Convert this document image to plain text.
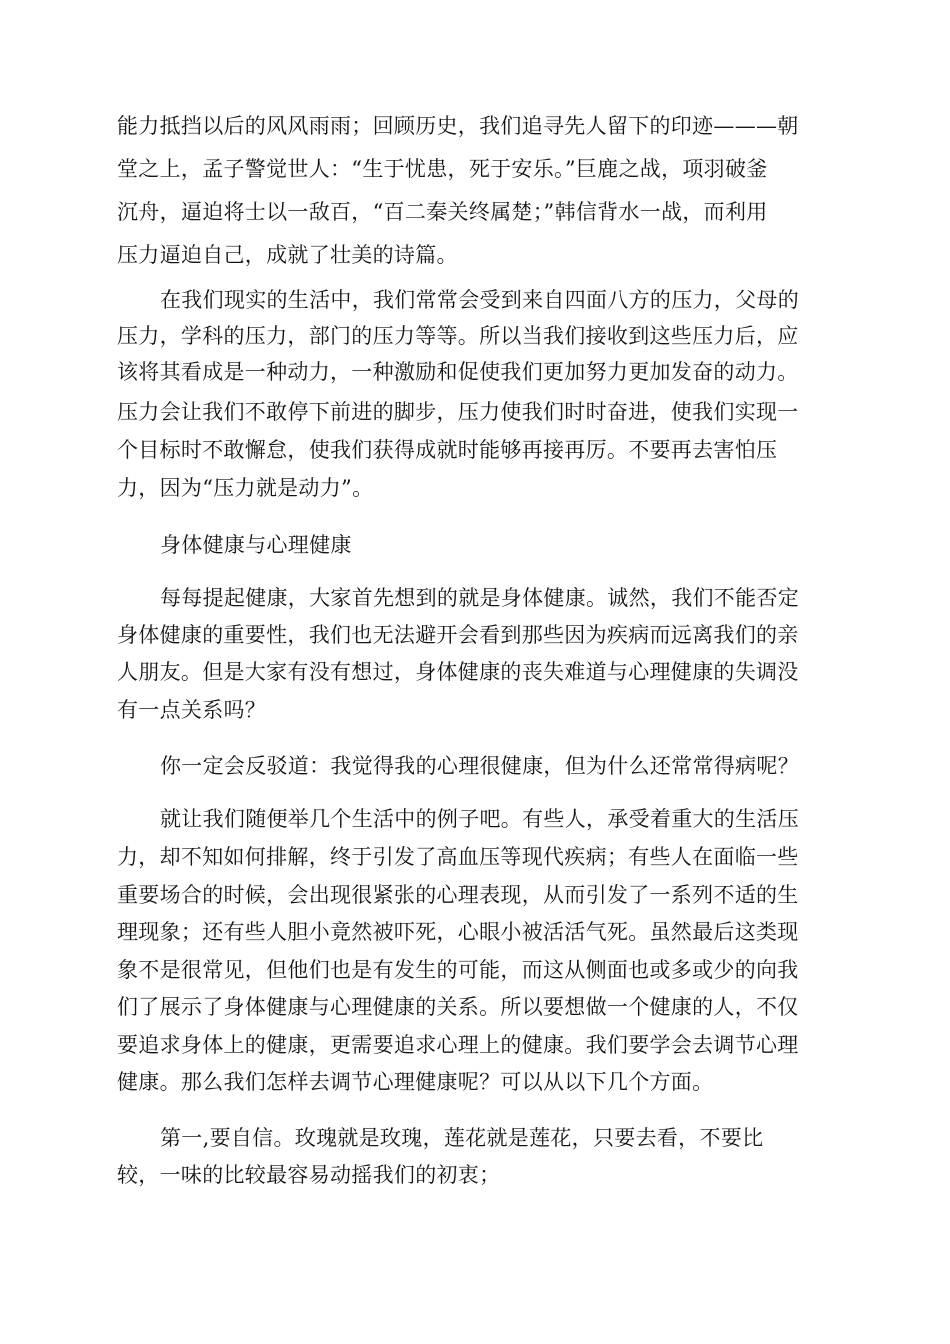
能力抵挡以后的风风雨雨；回顾历史，我们追寻先人留下的印迹———朝
堂之上，孟子警觉世人：“生于忧患，死于安乐。”巨鹿之战，项羽破釜
沉舟，逼迫将士以一敌百，“百二秦关终属楚；”韩信背水一战，而利用
压力逼迫自己，成就了壮美的诗篇。
在我们现实的生活中，我们常常会受到来自四面八方的压力，父母的
压力，学科的压力，部门的压力等等。所以当我们接收到这些压力后，应
该将其看成是一种动力，一种激励和促使我们更加努力更加发奋的动力。
压力会让我们不敢停下前进的脚步，压力使我们时时奋进，使我们实现一
个目标时不敢懈怠，使我们获得成就时能够再接再厉。不要再去害怕压
力，因为“压力就是动力”。
身体健康与心理健康
每每提起健康，大家首先想到的就是身体健康。诚然，我们不能否定
身体健康的重要性，我们也无法避开会看到那些因为疾病而远离我们的亲
人朋友。但是大家有没有想过，身体健康的丧失难道与心理健康的失调没
有一点关系吗？
你一定会反驳道：我觉得我的心理很健康，但为什么还常常得病呢？
就让我们随便举几个生活中的例子吧。有些人，承受着重大的生活压
力，却不知如何排解，终于引发了高血压等现代疾病；有些人在面临一些
重要场合的时候，会出现很紧张的心理表现，从而引发了一系列不适的生
理现象；还有些人胆小竟然被吓死，心眼小被活活气死。虽然最后这类现
象不是很常见，但他们也是有发生的可能，而这从侧面也或多或少的向我
们了展示了身体健康与心理健康的关系。所以要想做一个健康的人，不仅
要追求身体上的健康，更需要追求心理上的健康。我们要学会去调节心理
健康。那么我们怎样去调节心理健康呢？可以从以下几个方面。
第一,要自信。玫瑰就是玫瑰，莲花就是莲花，只要去看，不要比
较，一味的比较最容易动摇我们的初衷；
